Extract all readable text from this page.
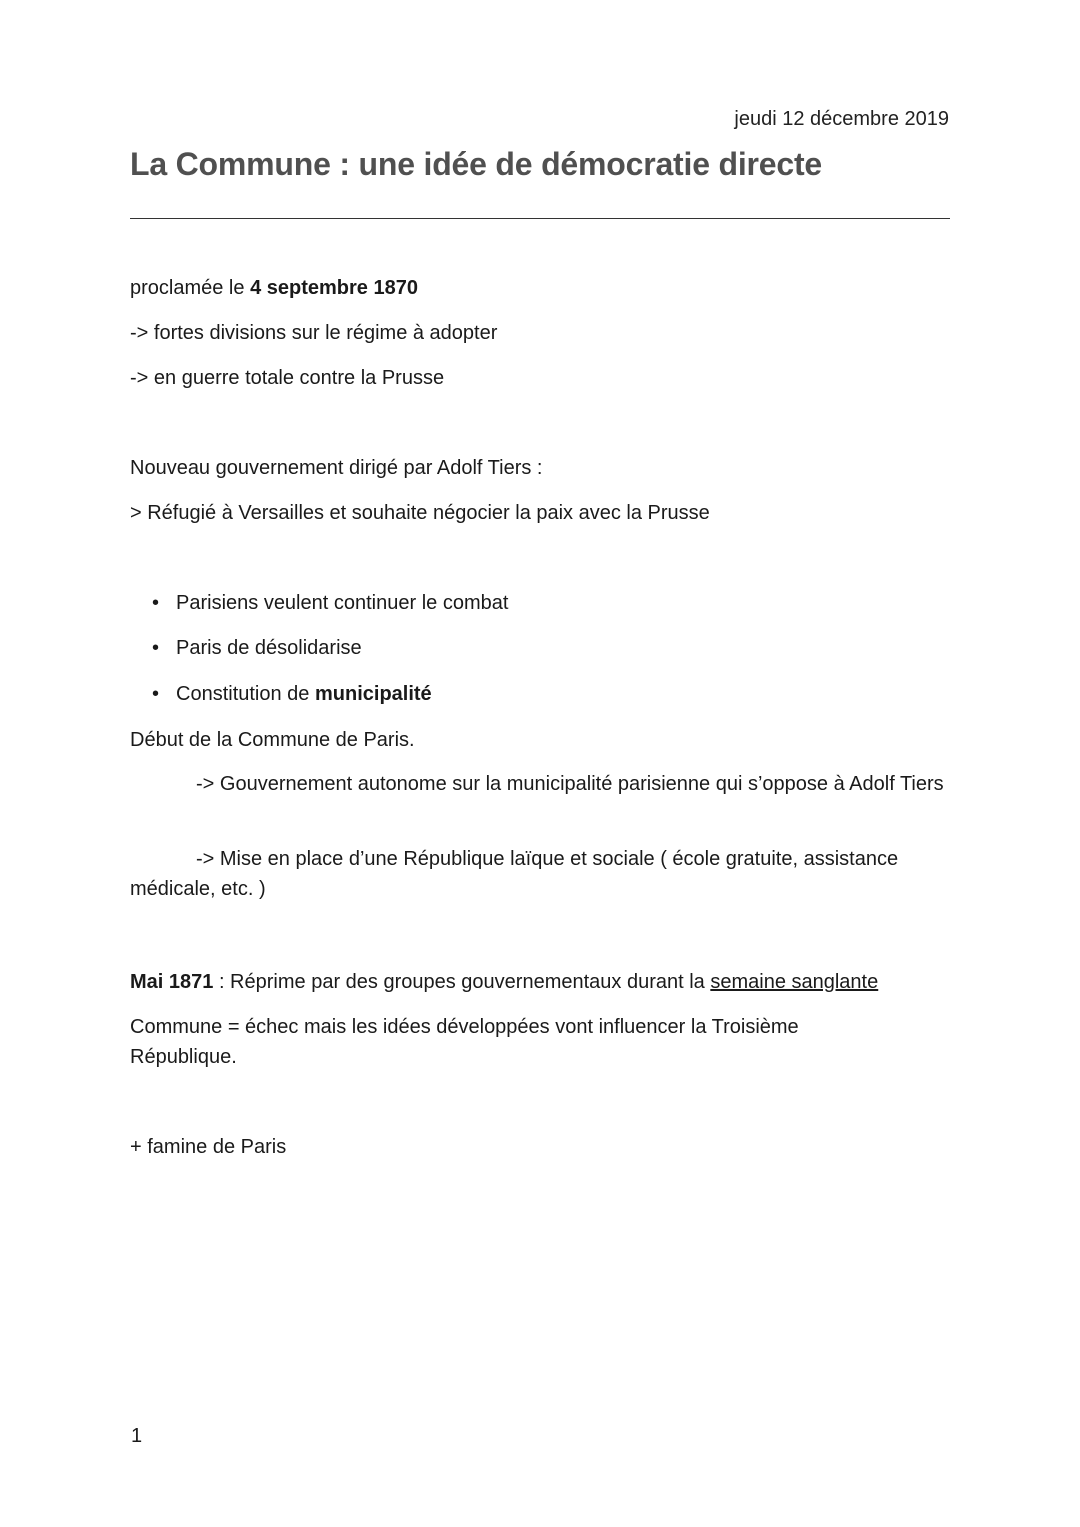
jeudi 12 décembre 2019
La Commune : une idée de démocratie directe
proclamée le 4 septembre 1870
-> fortes divisions sur le régime à adopter
-> en guerre totale contre la Prusse
Nouveau gouvernement dirigé par Adolf Tiers :
> Réfugié à Versailles et souhaite négocier la paix avec la Prusse
• Parisiens veulent continuer le combat
• Paris de désolidarise
• Constitution de municipalité
Début de la Commune de Paris.
-> Gouvernement autonome sur la municipalité parisienne qui s’oppose à Adolf Tiers
-> Mise en place d’une République laïque et sociale ( école gratuite, assistance médicale, etc. )
Mai 1871 : Réprime par des groupes gouvernementaux durant la semaine sanglante
Commune = échec mais les idées développées vont influencer la Troisième République.
+ famine de Paris
1
